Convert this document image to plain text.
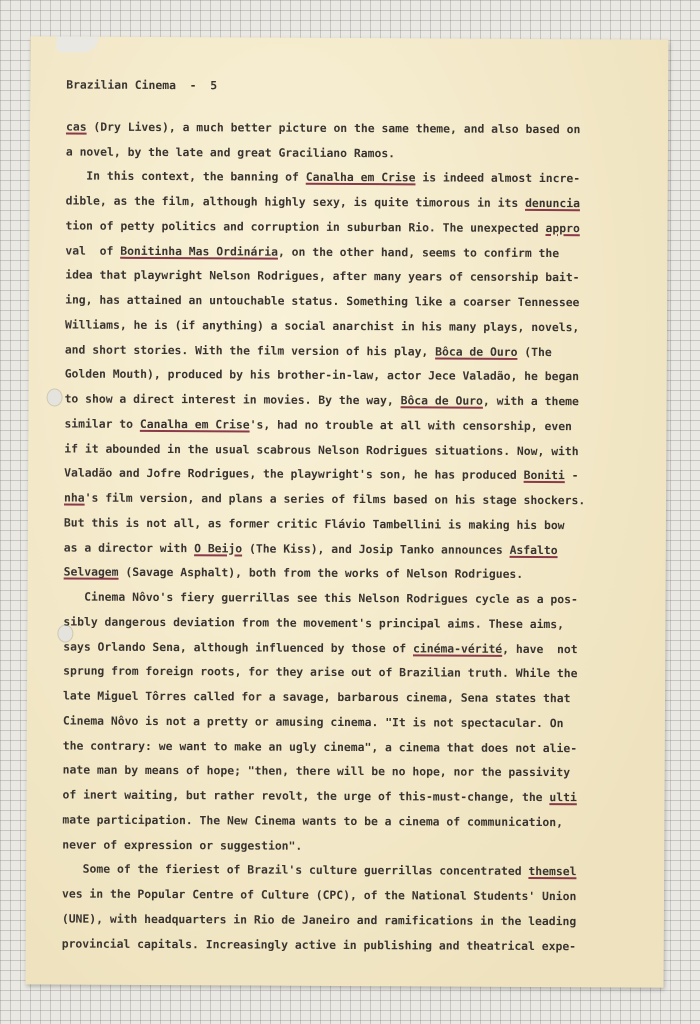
Brazilian Cinema  -  5
cas (Dry Lives), a much better picture on the same theme, and also based on
a novel, by the late and great Graciliano Ramos.
In this context, the banning of Canalha em Crise is indeed almost incre-
dible, as the film, although highly sexy, is quite timorous in its denuncia
tion of petty politics and corruption in suburban Rio. The unexpected appro
val  of Bonitinha Mas Ordinária, on the other hand, seems to confirm the
idea that playwright Nelson Rodrigues, after many years of censorship bait-
ing, has attained an untouchable status. Something like a coarser Tennessee
Williams, he is (if anything) a social anarchist in his many plays, novels,
and short stories. With the film version of his play, Bôca de Ouro (The
Golden Mouth), produced by his brother-in-law, actor Jece Valadão, he began
to show a direct interest in movies. By the way, Bôca de Ouro, with a theme
similar to Canalha em Crise's, had no trouble at all with censorship, even
if it abounded in the usual scabrous Nelson Rodrigues situations. Now, with
Valadão and Jofre Rodrigues, the playwright's son, he has produced Boniti -
nha's film version, and plans a series of films based on his stage shockers.
But this is not all, as former critic Flávio Tambellini is making his bow
as a director with O Beijo (The Kiss), and Josip Tanko announces Asfalto
Selvagem (Savage Asphalt), both from the works of Nelson Rodrigues.
Cinema Nôvo's fiery guerrillas see this Nelson Rodrigues cycle as a pos-
sibly dangerous deviation from the movement's principal aims. These aims,
says Orlando Sena, although influenced by those of cinéma-vérité, have  not
sprung from foreign roots, for they arise out of Brazilian truth. While the
late Miguel Tôrres called for a savage, barbarous cinema, Sena states that
Cinema Nôvo is not a pretty or amusing cinema. "It is not spectacular. On
the contrary: we want to make an ugly cinema", a cinema that does not alie-
nate man by means of hope; "then, there will be no hope, nor the passivity
of inert waiting, but rather revolt, the urge of this-must-change, the ulti
mate participation. The New Cinema wants to be a cinema of communication,
never of expression or suggestion".
Some of the fieriest of Brazil's culture guerrillas concentrated themsel
ves in the Popular Centre of Culture (CPC), of the National Students' Union
(UNE), with headquarters in Rio de Janeiro and ramifications in the leading
provincial capitals. Increasingly active in publishing and theatrical expe-
